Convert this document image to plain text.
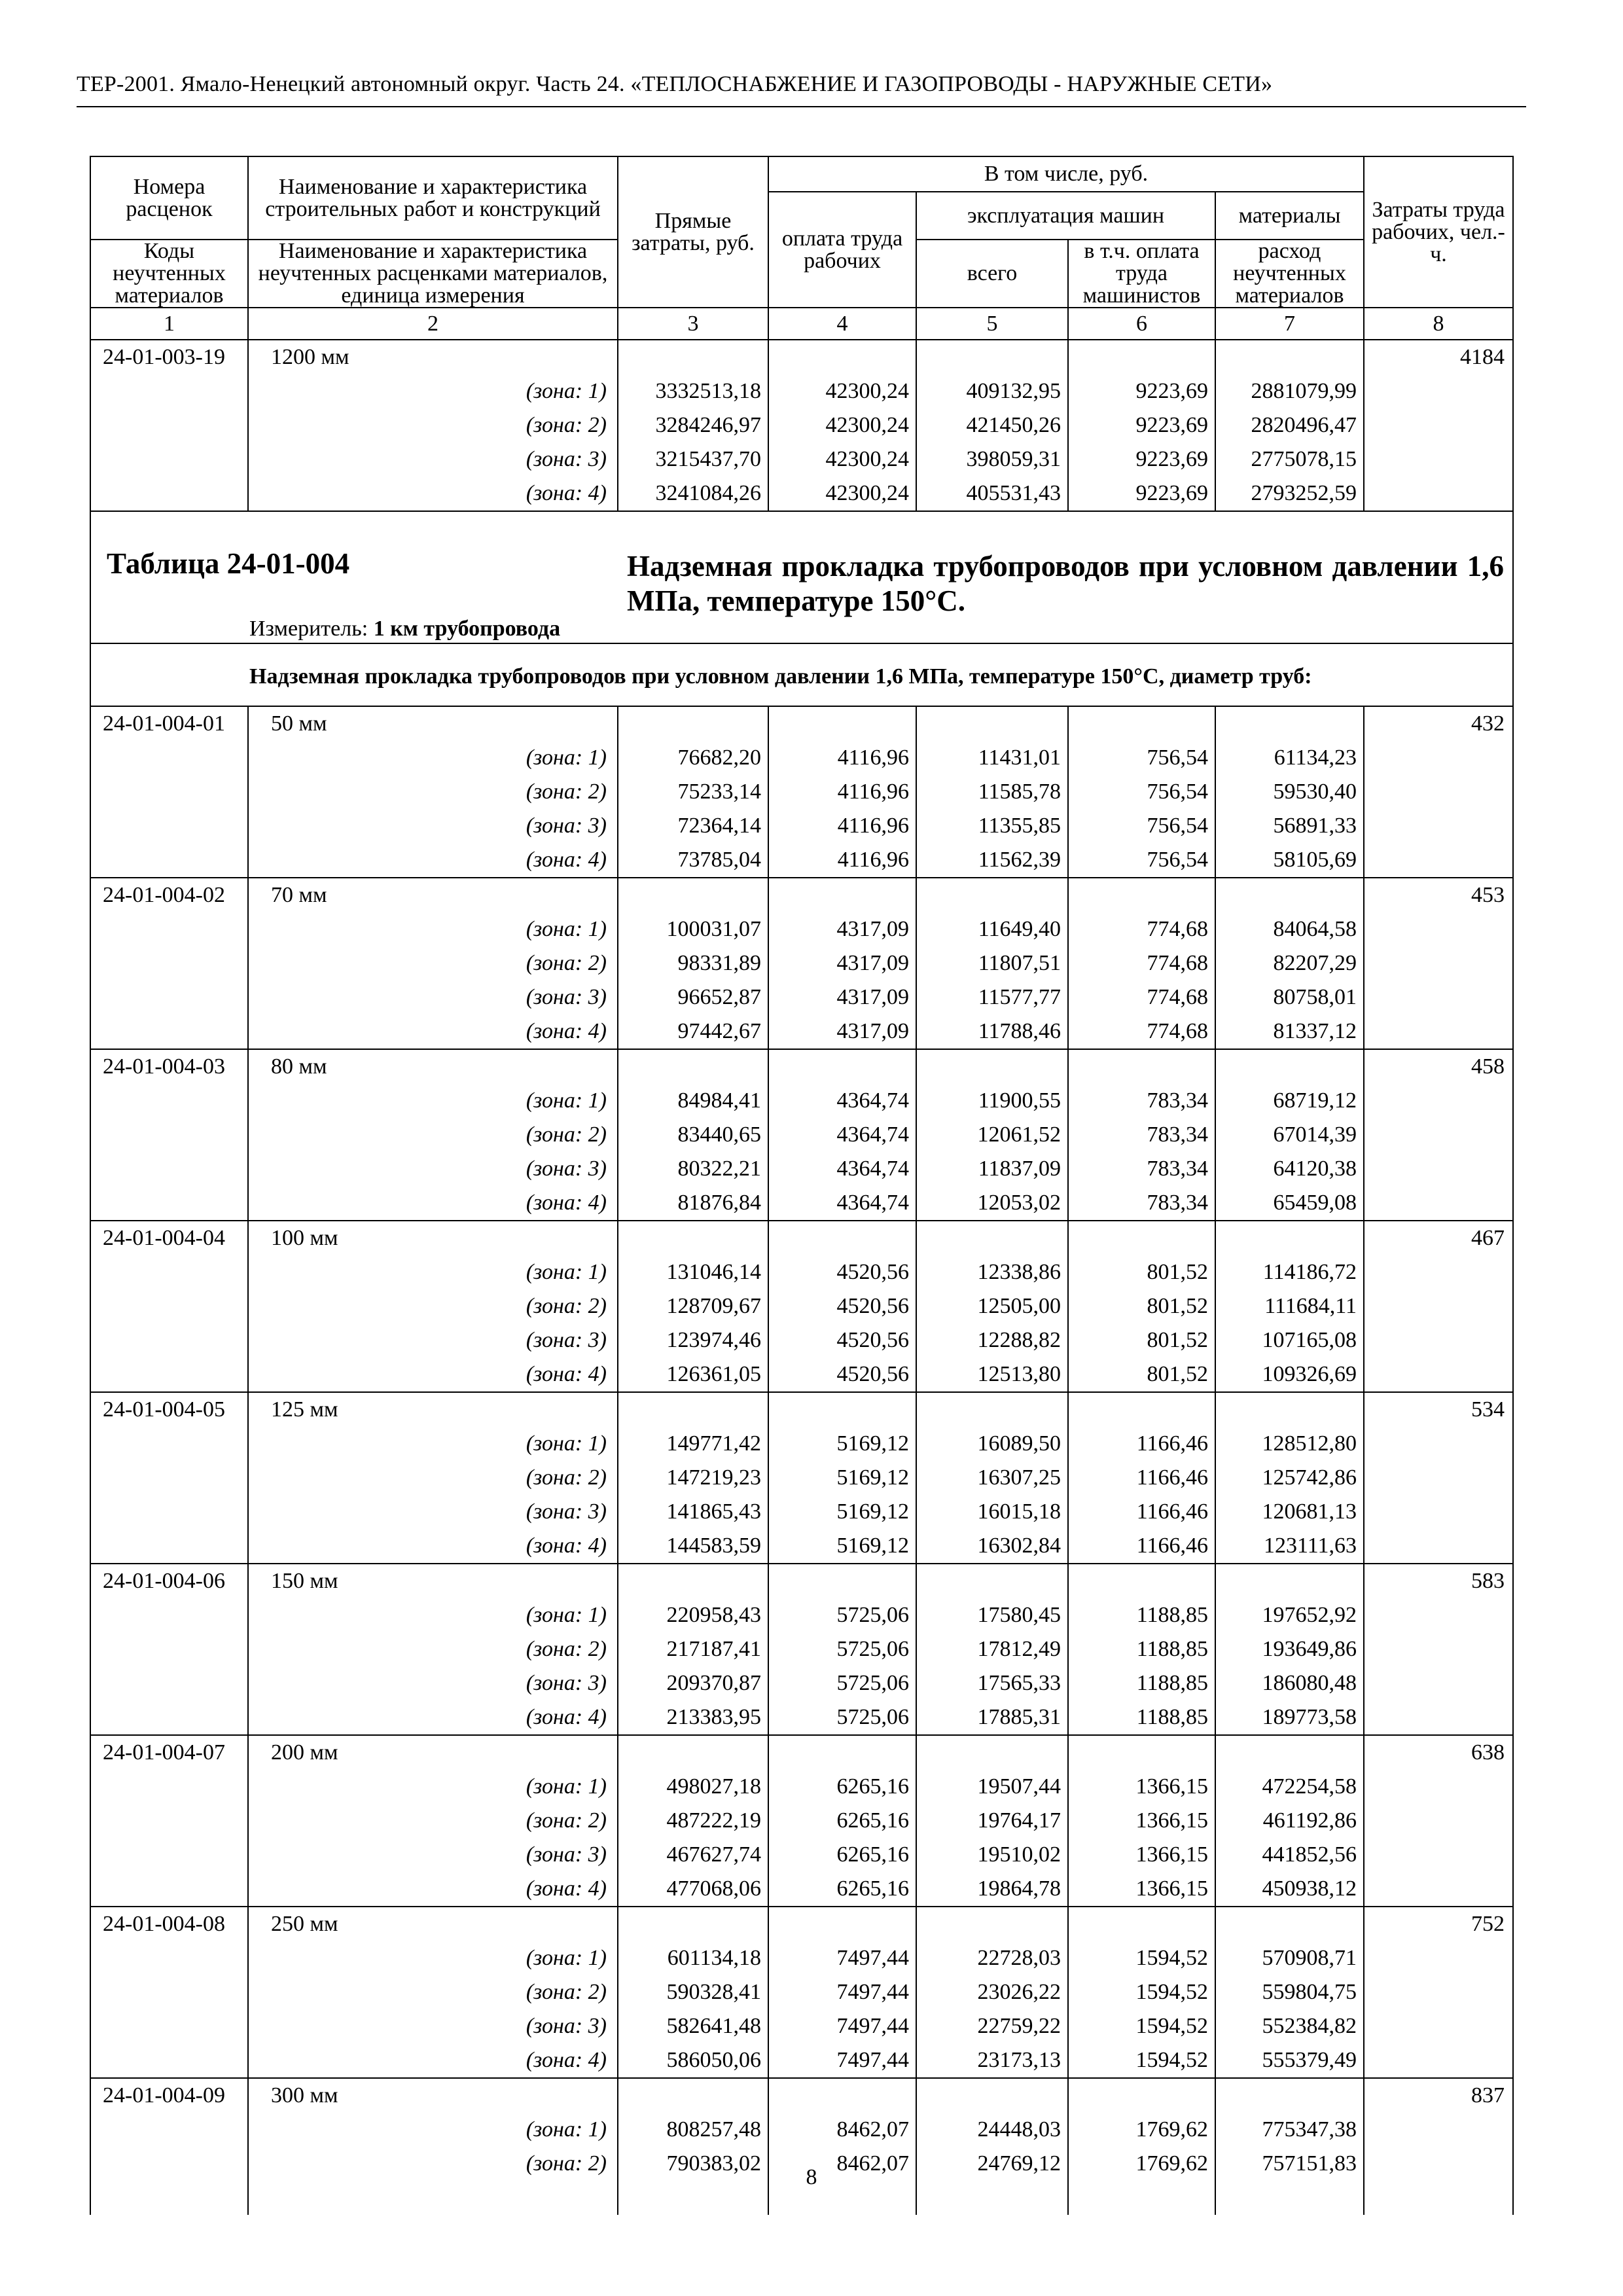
ТЕР-2001. Ямало-Ненецкий автономный округ. Часть 24. «ТЕПЛОСНАБЖЕНИЕ И ГАЗОПРОВОДЫ - НАРУЖНЫЕ СЕТИ»
Номера расценок	Наименование и характеристика строительных работ и конструкций	Прямые затраты, руб.	В том числе, руб.				Затраты труда рабочих, чел.-ч.
			оплата труда рабочих	эксплуатация машин		материалы	
Коды неучтенных материалов	Наименование и характеристика неучтенных расценками материалов, единица измерения			всего	в т.ч. оплата труда машинистов	расход неучтенных материалов	
1	2	3	4	5	6	7	8
24-01-003-19	1200 мм						4184
	(зона: 1)	3332513,18	42300,24	409132,95	9223,69	2881079,99	
	(зона: 2)	3284246,97	42300,24	421450,26	9223,69	2820496,47	
	(зона: 3)	3215437,70	42300,24	398059,31	9223,69	2775078,15	
	(зона: 4)	3241084,26	42300,24	405531,43	9223,69	2793252,59	

Таблица 24-01-004 Надземная прокладка трубопроводов при условном давлении 1,6 МПа, температуре 150°С.
Измеритель: 1 км трубопровода							

Надземная прокладка трубопроводов при условном давлении 1,6 МПа, температуре 150°С, диаметр труб:							
24-01-004-01	50 мм						432
	(зона: 1)	76682,20	4116,96	11431,01	756,54	61134,23	
	(зона: 2)	75233,14	4116,96	11585,78	756,54	59530,40	
	(зона: 3)	72364,14	4116,96	11355,85	756,54	56891,33	
	(зона: 4)	73785,04	4116,96	11562,39	756,54	58105,69	
24-01-004-02	70 мм						453
	(зона: 1)	100031,07	4317,09	11649,40	774,68	84064,58	
	(зона: 2)	98331,89	4317,09	11807,51	774,68	82207,29	
	(зона: 3)	96652,87	4317,09	11577,77	774,68	80758,01	
	(зона: 4)	97442,67	4317,09	11788,46	774,68	81337,12	
24-01-004-03	80 мм						458
	(зона: 1)	84984,41	4364,74	11900,55	783,34	68719,12	
	(зона: 2)	83440,65	4364,74	12061,52	783,34	67014,39	
	(зона: 3)	80322,21	4364,74	11837,09	783,34	64120,38	
	(зона: 4)	81876,84	4364,74	12053,02	783,34	65459,08	
24-01-004-04	100 мм						467
	(зона: 1)	131046,14	4520,56	12338,86	801,52	114186,72	
	(зона: 2)	128709,67	4520,56	12505,00	801,52	111684,11	
	(зона: 3)	123974,46	4520,56	12288,82	801,52	107165,08	
	(зона: 4)	126361,05	4520,56	12513,80	801,52	109326,69	
24-01-004-05	125 мм						534
	(зона: 1)	149771,42	5169,12	16089,50	1166,46	128512,80	
	(зона: 2)	147219,23	5169,12	16307,25	1166,46	125742,86	
	(зона: 3)	141865,43	5169,12	16015,18	1166,46	120681,13	
	(зона: 4)	144583,59	5169,12	16302,84	1166,46	123111,63	
24-01-004-06	150 мм						583
	(зона: 1)	220958,43	5725,06	17580,45	1188,85	197652,92	
	(зона: 2)	217187,41	5725,06	17812,49	1188,85	193649,86	
	(зона: 3)	209370,87	5725,06	17565,33	1188,85	186080,48	
	(зона: 4)	213383,95	5725,06	17885,31	1188,85	189773,58	
24-01-004-07	200 мм						638
	(зона: 1)	498027,18	6265,16	19507,44	1366,15	472254,58	
	(зона: 2)	487222,19	6265,16	19764,17	1366,15	461192,86	
	(зона: 3)	467627,74	6265,16	19510,02	1366,15	441852,56	
	(зона: 4)	477068,06	6265,16	19864,78	1366,15	450938,12	
24-01-004-08	250 мм						752
	(зона: 1)	601134,18	7497,44	22728,03	1594,52	570908,71	
	(зона: 2)	590328,41	7497,44	23026,22	1594,52	559804,75	
	(зона: 3)	582641,48	7497,44	22759,22	1594,52	552384,82	
	(зона: 4)	586050,06	7497,44	23173,13	1594,52	555379,49	
24-01-004-09	300 мм						837
	(зона: 1)	808257,48	8462,07	24448,03	1769,62	775347,38	
	(зона: 2)	790383,02	8462,07	24769,12	1769,62	757151,83	

8
